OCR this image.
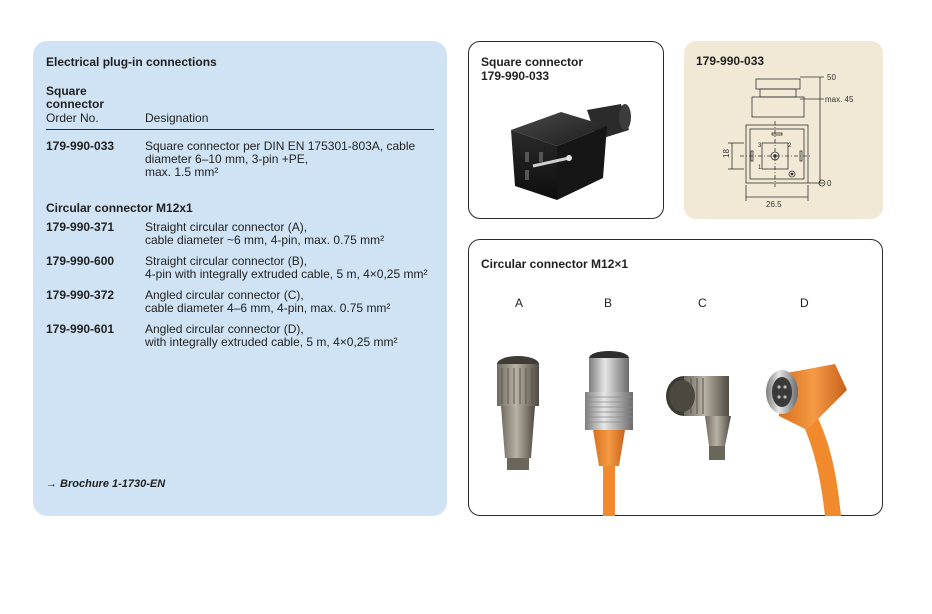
Electrical plug-in connections
Square
connector
Order No.	Designation
179-990-033	Square connector per DIN EN 175301-803A, cable
diameter 6–10 mm, 3-pin +PE,
max. 1.5 mm²
Circular connector M12x1
179-990-371	Straight circular connector (A),
cable diameter ~6 mm, 4-pin, max. 0.75 mm²
179-990-600	Straight circular connector (B),
4-pin with integrally extruded cable, 5 m, 4×0,25 mm²
179-990-372	Angled circular connector (C),
cable diameter 4–6 mm, 4-pin, max. 0.75 mm²
179-990-601	Angled circular connector (D),
with integrally extruded cable, 5 m, 4×0,25 mm²
→ Brochure 1-1730-EN
Square connector
179-990-033
179-990-033
50
max. 45
18
26.5
0
1
2
3
Circular connector M12×1
A	B	C	D
